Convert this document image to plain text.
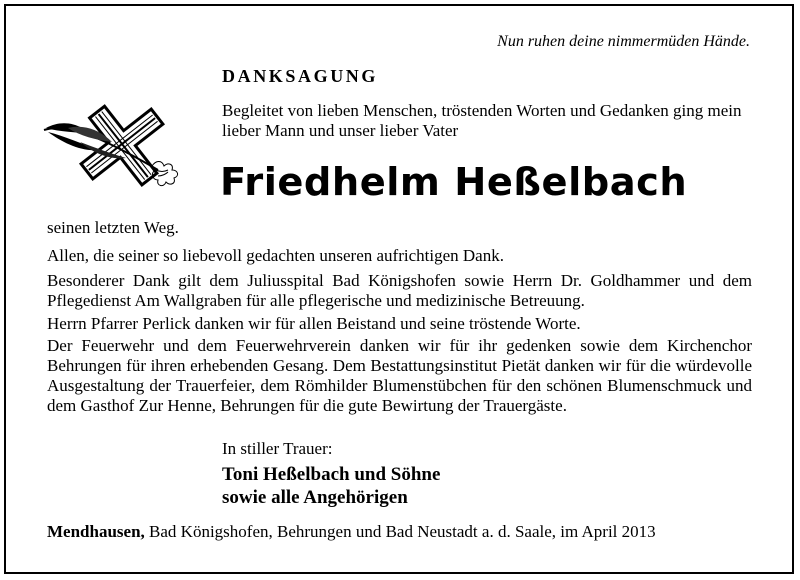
Nun ruhen deine nimmermüden Hände.
DANKSAGUNG
Begleitet von lieben Menschen, tröstenden Worten und Gedanken ging mein lieber Mann und unser lieber Vater
Friedhelm Heßelbach
seinen letzten Weg.
Allen, die seiner so liebevoll gedachten unseren aufrichtigen Dank.
Besonderer Dank gilt dem Juliusspital Bad Königshofen sowie Herrn Dr. Goldhammer und dem Pflegedienst Am Wallgraben für alle pflegerische und medizinische Betreuung.
Herrn Pfarrer Perlick danken wir für allen Beistand und seine tröstende Worte.
Der Feuerwehr und dem Feuerwehrverein danken wir für ihr gedenken sowie dem Kirchenchor Behrungen für ihren erhebenden Gesang. Dem Bestattungsinstitut Pietät danken wir für die würdevolle Ausgestaltung der Trauerfeier, dem Römhilder Blumenstübchen für den schönen Blumenschmuck und dem Gasthof Zur Henne, Behrungen für die gute Bewirtung der Trauergäste.
In stiller Trauer:
Toni Heßelbach und Söhne
sowie alle Angehörigen
Mendhausen, Bad Königshofen, Behrungen und Bad Neustadt a. d. Saale, im April 2013
